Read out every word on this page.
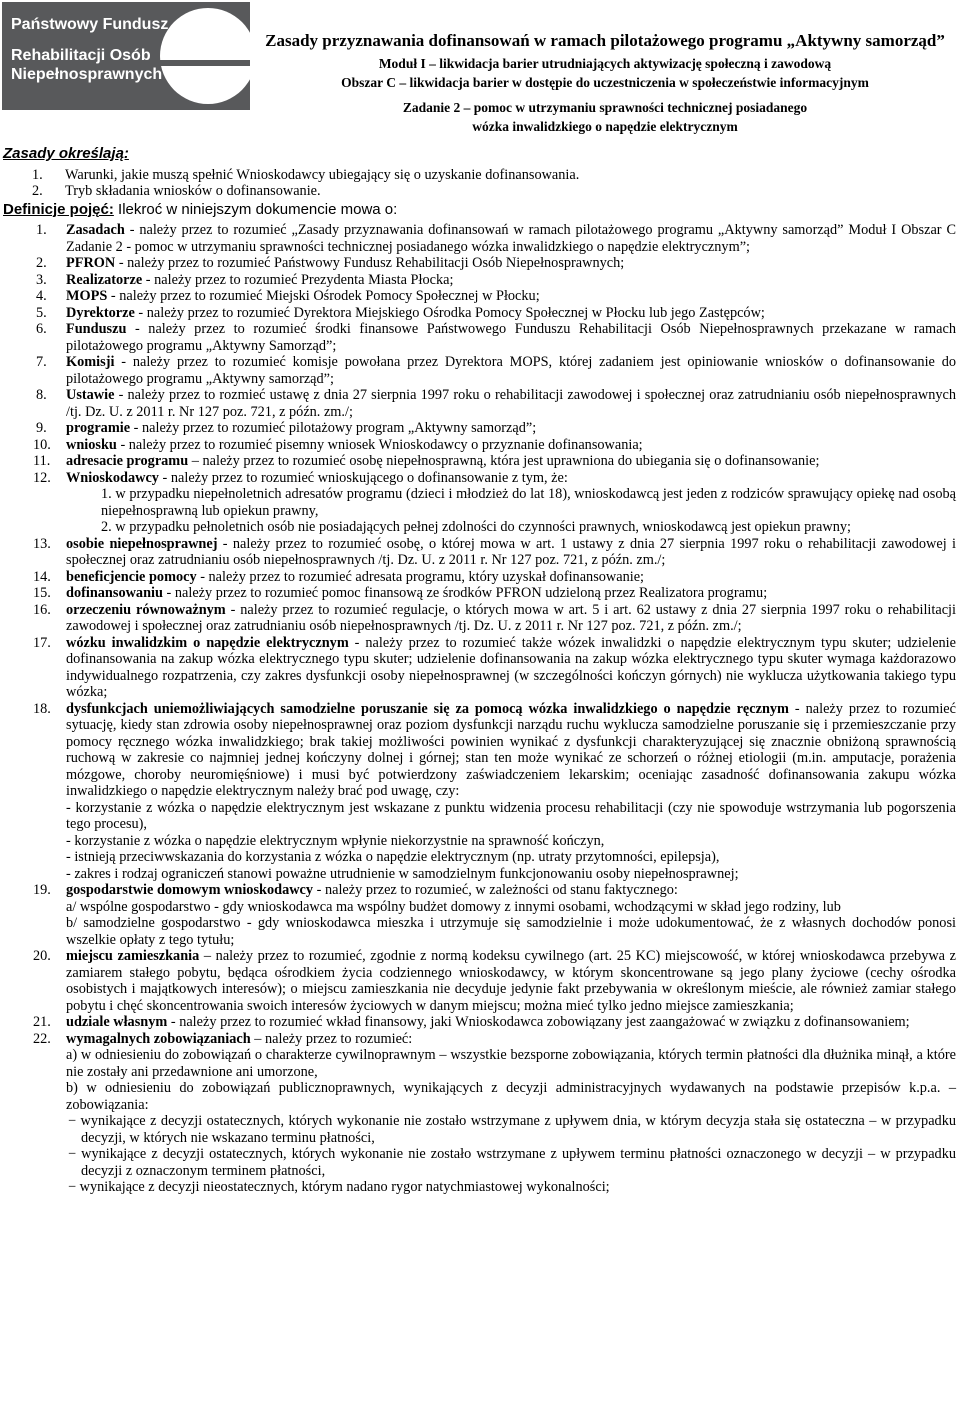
Państwowy Fundusz
Rehabilitacji Osób
Niepełnosprawnych
Zasady przyznawania dofinansowań w ramach pilotażowego programu „Aktywny samorząd”
Moduł I – likwidacja barier utrudniających aktywizację społeczną i zawodową
Obszar C – likwidacja barier w dostępie do uczestniczenia w społeczeństwie informacyjnym
Zadanie 2 – pomoc w utrzymaniu sprawności technicznej posiadanego
wózka inwalidzkiego o napędzie elektrycznym
Zasady określają:
1.	Warunki, jakie muszą spełnić Wnioskodawcy ubiegający się o uzyskanie dofinansowania.
2.	Tryb składania wniosków o dofinansowanie.
Definicje pojęć: Ilekroć w niniejszym dokumencie mowa o:
1.	Zasadach - należy przez to rozumieć „Zasady przyznawania dofinansowań w ramach pilotażowego programu „Aktywny samorząd” Moduł I Obszar C Zadanie 2 - pomoc w utrzymaniu sprawności technicznej posiadanego wózka inwalidzkiego o napędzie elektrycznym”;
2.	PFRON - należy przez to rozumieć Państwowy Fundusz Rehabilitacji Osób Niepełnosprawnych;
3.	Realizatorze - należy przez to rozumieć Prezydenta Miasta Płocka;
4.	MOPS - należy przez to rozumieć Miejski Ośrodek Pomocy Społecznej w Płocku;
5.	Dyrektorze - należy przez to rozumieć Dyrektora Miejskiego Ośrodka Pomocy Społecznej w Płocku lub jego Zastępców;
6.	Funduszu - należy przez to rozumieć środki finansowe Państwowego Funduszu Rehabilitacji Osób Niepełnosprawnych przekazane w ramach pilotażowego programu „Aktywny Samorząd”;
7.	Komisji - należy przez to rozumieć komisje powołana przez Dyrektora MOPS, której zadaniem jest opiniowanie wniosków o dofinansowanie do pilotażowego programu „Aktywny samorząd”;
8.	Ustawie - należy przez to rozmieć ustawę z dnia 27 sierpnia 1997 roku o rehabilitacji zawodowej i społecznej oraz zatrudnianiu osób niepełnosprawnych /tj. Dz. U. z 2011 r. Nr 127 poz. 721, z późn. zm./;
9.	programie - należy przez to rozumieć pilotażowy program „Aktywny samorząd”;
10.	wniosku - należy przez to rozumieć pisemny wniosek Wnioskodawcy o przyznanie dofinansowania;
11.	adresacie programu – należy przez to rozumieć osobę niepełnosprawną, która jest uprawniona do ubiegania się o dofinansowanie;
12.	Wnioskodawcy - należy przez to rozumieć wnioskującego o dofinansowanie z tym, że:
1. w przypadku niepełnoletnich adresatów programu (dzieci i młodzież do lat 18), wnioskodawcą jest jeden z rodziców sprawujący opiekę nad osobą niepełnosprawną lub opiekun prawny,
2. w przypadku pełnoletnich osób nie posiadających pełnej zdolności do czynności prawnych, wnioskodawcą jest opiekun prawny;
13.	osobie niepełnosprawnej - należy przez to rozumieć osobę, o której mowa w art. 1 ustawy z dnia 27 sierpnia 1997 roku o rehabilitacji zawodowej i społecznej oraz zatrudnianiu osób niepełnosprawnych /tj. Dz. U. z 2011 r. Nr 127 poz. 721, z późn. zm./;
14.	beneficjencie pomocy - należy przez to rozumieć adresata programu, który uzyskał dofinansowanie;
15.	dofinansowaniu - należy przez to rozumieć pomoc finansową ze środków PFRON udzieloną przez Realizatora programu;
16.	orzeczeniu równoważnym - należy przez to rozumieć regulacje, o których mowa w art. 5 i art. 62 ustawy z dnia 27 sierpnia 1997 roku o rehabilitacji zawodowej i społecznej oraz zatrudnianiu osób niepełnosprawnych /tj. Dz. U. z 2011 r. Nr 127 poz. 721, z późn. zm./;
17.	wózku inwalidzkim o napędzie elektrycznym - należy przez to rozumieć także wózek inwalidzki o napędzie elektrycznym typu skuter; udzielenie dofinansowania na zakup wózka elektrycznego typu skuter; udzielenie dofinansowania na zakup wózka elektrycznego typu skuter wymaga każdorazowo indywidualnego rozpatrzenia, czy zakres dysfunkcji osoby niepełnosprawnej (w szczególności kończyn górnych) nie wyklucza użytkowania takiego typu wózka;
18.	dysfunkcjach uniemożliwiających samodzielne poruszanie się za pomocą wózka inwalidzkiego o napędzie ręcznym - należy przez to rozumieć sytuację, kiedy stan zdrowia osoby niepełnosprawnej oraz poziom dysfunkcji narządu ruchu wyklucza samodzielne poruszanie się i przemieszczanie przy pomocy ręcznego wózka inwalidzkiego; brak takiej możliwości powinien wynikać z dysfunkcji charakteryzującej się znacznie obniżoną sprawnością ruchową w zakresie co najmniej jednej kończyny dolnej i górnej; stan ten może wynikać ze schorzeń o różnej etiologii (m.in. amputacje, porażenia mózgowe, choroby neuromięśniowe) i musi być potwierdzony zaświadczeniem lekarskim; oceniając zasadność dofinansowania zakupu wózka inwalidzkiego o napędzie elektrycznym należy brać pod uwagę, czy:
- korzystanie z wózka o napędzie elektrycznym jest wskazane z punktu widzenia procesu rehabilitacji (czy nie spowoduje wstrzymania lub pogorszenia tego procesu),
- korzystanie z wózka o napędzie elektrycznym wpłynie niekorzystnie na sprawność kończyn,
- istnieją przeciwwskazania do korzystania z wózka o napędzie elektrycznym (np. utraty przytomności, epilepsja),
- zakres i rodzaj ograniczeń stanowi poważne utrudnienie w samodzielnym funkcjonowaniu osoby niepełnosprawnej;
19.	gospodarstwie domowym wnioskodawcy - należy przez to rozumieć, w zależności od stanu faktycznego:
a/ wspólne gospodarstwo - gdy wnioskodawca ma wspólny budżet domowy z innymi osobami, wchodzącymi w skład jego rodziny, lub
b/ samodzielne gospodarstwo - gdy wnioskodawca mieszka i utrzymuje się samodzielnie i może udokumentować, że z własnych dochodów ponosi wszelkie opłaty z tego tytułu;
20.	miejscu zamieszkania – należy przez to rozumieć, zgodnie z normą kodeksu cywilnego (art. 25 KC) miejscowość, w której wnioskodawca przebywa z zamiarem stałego pobytu, będąca ośrodkiem życia codziennego wnioskodawcy, w którym skoncentrowane są jego plany życiowe (cechy ośrodka osobistych i majątkowych interesów); o miejscu zamieszkania nie decyduje jedynie fakt przebywania w określonym mieście, ale również zamiar stałego pobytu i chęć skoncentrowania swoich interesów życiowych w danym miejscu; można mieć tylko jedno miejsce zamieszkania;
21.	udziale własnym - należy przez to rozumieć wkład finansowy, jaki Wnioskodawca zobowiązany jest zaangażować w związku z dofinansowaniem;
22.	wymagalnych zobowiązaniach – należy przez to rozumieć:
a) w odniesieniu do zobowiązań o charakterze cywilnoprawnym – wszystkie bezsporne zobowiązania, których termin płatności dla dłużnika minął, a które nie zostały ani przedawnione ani umorzone,
b) w odniesieniu do zobowiązań publicznoprawnych, wynikających z decyzji administracyjnych wydawanych na podstawie przepisów k.p.a. – zobowiązania:
− wynikające z decyzji ostatecznych, których wykonanie nie zostało wstrzymane z upływem dnia, w którym decyzja stała się ostateczna – w przypadku decyzji, w których nie wskazano terminu płatności,
− wynikające z decyzji ostatecznych, których wykonanie nie zostało wstrzymane z upływem terminu płatności oznaczonego w decyzji – w przypadku decyzji z oznaczonym terminem płatności,
− wynikające z decyzji nieostatecznych, którym nadano rygor natychmiastowej wykonalności;
